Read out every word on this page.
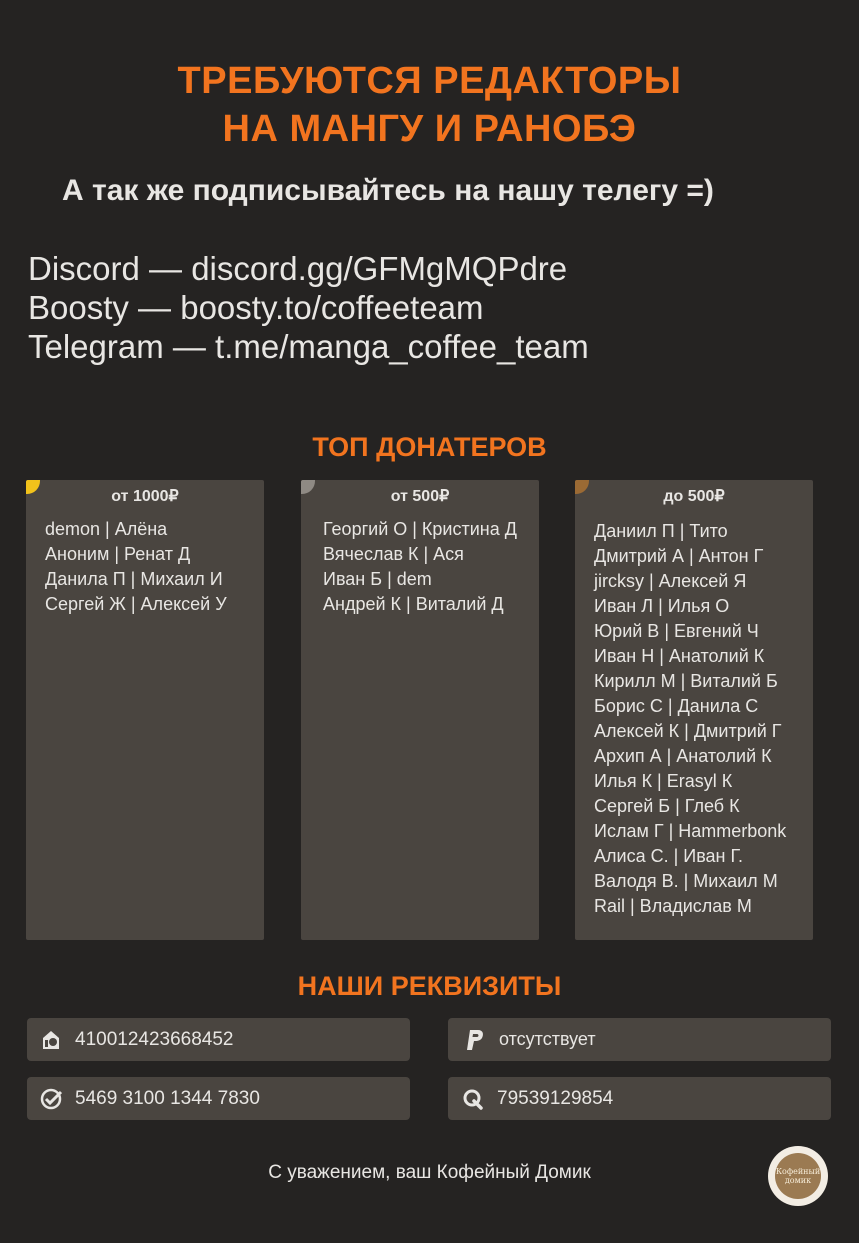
ТРЕБУЮТСЯ РЕДАКТОРЫ
НА МАНГУ И РАНОБЭ
А так же подписывайтесь на нашу телегу =)
Discord — discord.gg/GFMgMQPdre
Boosty — boosty.to/coffeeteam
Telegram — t.me/manga_coffee_team
ТОП ДОНАТЕРОВ
от 1000₽
demon | Алёна
Аноним | Ренат Д
Данила П | Михаил И
Сергей Ж | Алексей У
от 500₽
Георгий О | Кристина Д
Вячеслав К | Ася
Иван Б | dem
Андрей К | Виталий Д
до 500₽
Даниил П | Тито
Дмитрий А | Антон Г
jircksy | Алексей Я
Иван Л | Илья О
Юрий В | Евгений Ч
Иван Н | Анатолий К
Кирилл М | Виталий Б
Борис С | Данила С
Алексей К | Дмитрий Г
Архип А | Анатолий К
Илья К | Erasyl К
Сергей Б | Глеб К
Ислам Г | Hammerbonk
Алиса С. | Иван Г.
Валодя В. | Михаил М
Rail | Владислав М
НАШИ РЕКВИЗИТЫ
410012423668452	отсутствует
5469 3100 1344 7830	79539129854
С уважением, ваш Кофейный Домик	Кофейный домик
